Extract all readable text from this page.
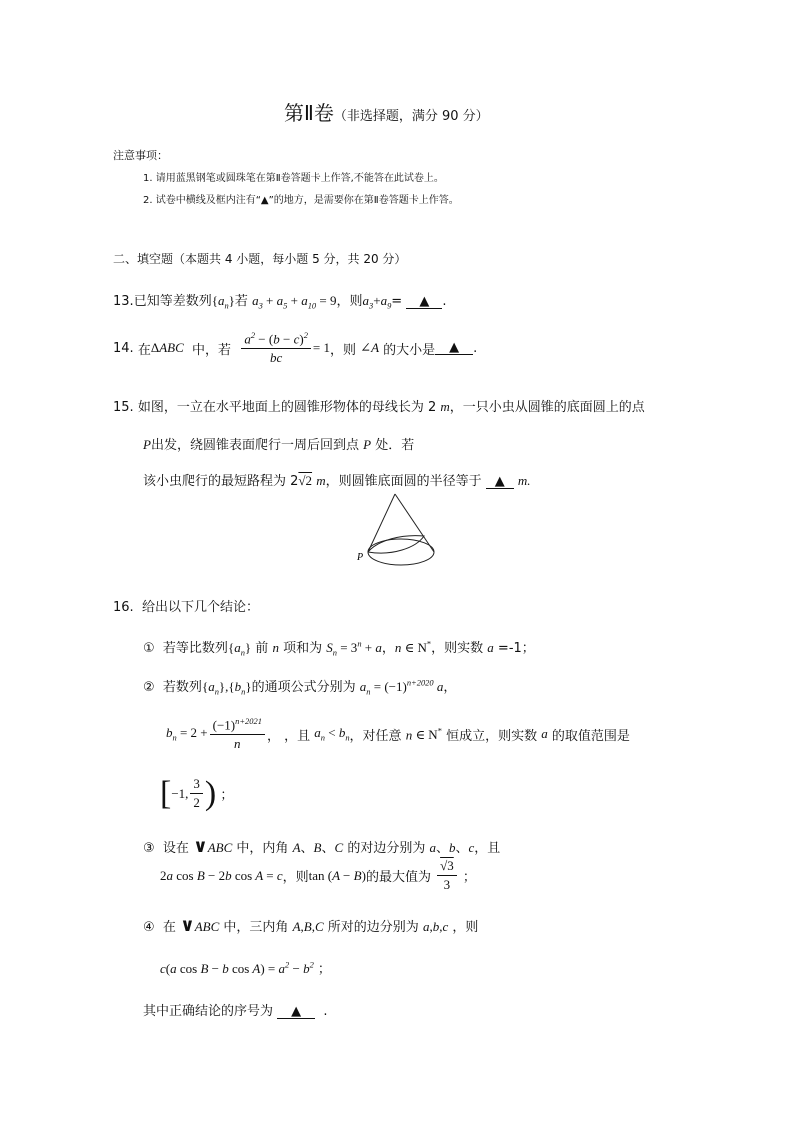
第Ⅱ卷（非选择题，满分 90 分）
注意事项：
1. 请用蓝黑钢笔或圆珠笔在第Ⅱ卷答题卡上作答,不能答在此试卷上。
2. 试卷中横线及框内注有“▲”的地方，是需要你在第Ⅱ卷答题卡上作答。
二、填空题（本题共 4 小题，每小题 5 分，共 20 分）
13.已知等差数列$\{a_n\}$若 $a_3 + a_5 + a_{10} = 9$，则$a_3+a_9=$ ▲ .
14.
在 ΔABC
中，若
$\frac{a^2 - (b - c)^2}{bc} = 1$ ，则
∠A
的大小是	▲	.
15. 如图，一立在水平地面上的圆锥形物体的母线长为 2 m，一只小虫从圆锥的底面圆上的点
P出发，绕圆锥表面爬行一周后回到点 P 处．若
该小虫爬行的最短路程为 2√2 m，则圆锥底面圆的半径等于 ▲ m.
P
16. 给出以下几个结论：
① 若等比数列$\{a_n\}$ 前 n 项和为 $S_n = 3^n + a$，n ∈ N*，则实数 a =-1；
② 若数列$\{a_n\},\{b_n\}$的通项公式分别为 $a_n = (-1)^{n+2020}$ a，
$b_n = 2 + \frac{(-1)^{n+2021}}{n}$ ，
，且
$a_n < b_n$ ，对任意
n ∈ N*
恒成立，则实数
a
的取值范围是
[ −1, $\frac{3}{2}$ )
；
③ 设在 ∨ABC 中，内角 A、B、C 的对边分别为 a、b、c，且
2a cos B − 2b cos A = c ，则 tan (A − B) 的最大值为
$\frac{√3}{3}$
；
④ 在 ∨ABC 中，三内角 A,B,C 所对的边分别为 a,b,c ，则
c(a cos B − b $\cos A) = a^2 - b^2$ ；
其中正确结论的序号为 ▲ .
